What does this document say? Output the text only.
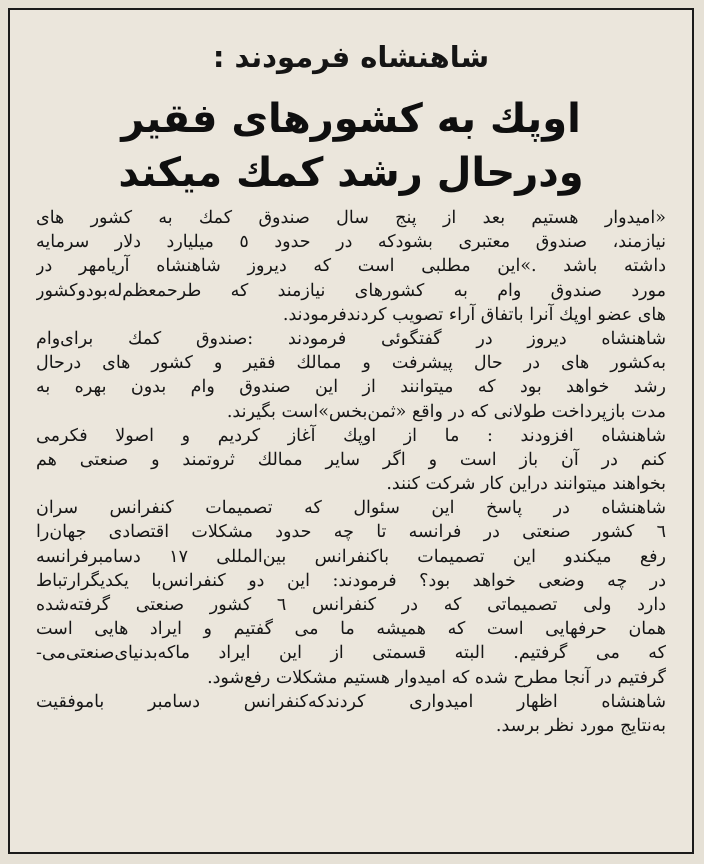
شاهنشاه فرمودند :
اوپك به كشورهای فقير
ودرحال رشد كمك ميكند
«اميدوار هستيم بعد از پنج سال صندوق كمك به كشور های
نيازمند، صندوق معتبری بشودكه در حدود ٥ ميليارد دلار سرمايه
داشته باشد .»اين مطلبی است كه ديروز شاهنشاه آريامهر در
مورد صندوق وام به كشورهای نيازمند كه طرحمعظم‌له‌بودوكشور
های عضو اوپك آنرا باتفاق آراء تصويب كردندفرمودند.
شاهنشاه ديروز در گفتگوئی فرمودند :صندوق كمك برای‌وام
به‌كشور های در حال پيشرفت و ممالك فقير و كشور های درحال
رشد خواهد بود كه ميتوانند از اين صندوق وام بدون بهره به
مدت بازپرداخت طولانی كه در واقع «ثمن‌بخس»است بگيرند.
شاهنشاه افزودند : ما از اوپك آغاز كرديم و اصولا فكرمی
كنم در آن باز است و اگر ساير ممالك ثروتمند و صنعتی هم
بخواهند ميتوانند دراين كار شركت كنند.
شاهنشاه در پاسخ اين سئوال كه تصميمات كنفرانس سران
٦ كشور صنعتی در فرانسه تا چه حدود مشكلات اقتصادی جهان‌را
رفع ميكندو اين تصميمات باكنفرانس بين‌المللی ١٧ دسامبرفرانسه
در چه وضعی خواهد بود؟ فرمودند: اين دو كنفرانس‌با يكديگرارتباط
دارد ولی تصميماتی كه در كنفرانس ٦ كشور صنعتی گرفته‌شده
همان حرفهايی است كه هميشه ما می گفتيم و ايراد هايی است
كه می گرفتيم. البته قسمتی از اين ايراد ما‌كه‌بدنيای‌صنعتی‌می-
گرفتيم در آنجا مطرح شده كه اميدوار هستيم‌ مشكلات رفع‌شود.
شاهنشاه اظهار اميدواری كردندكه‌كنفرانس دسامبر باموفقيت
به‌نتايج مورد نظر برسد.
